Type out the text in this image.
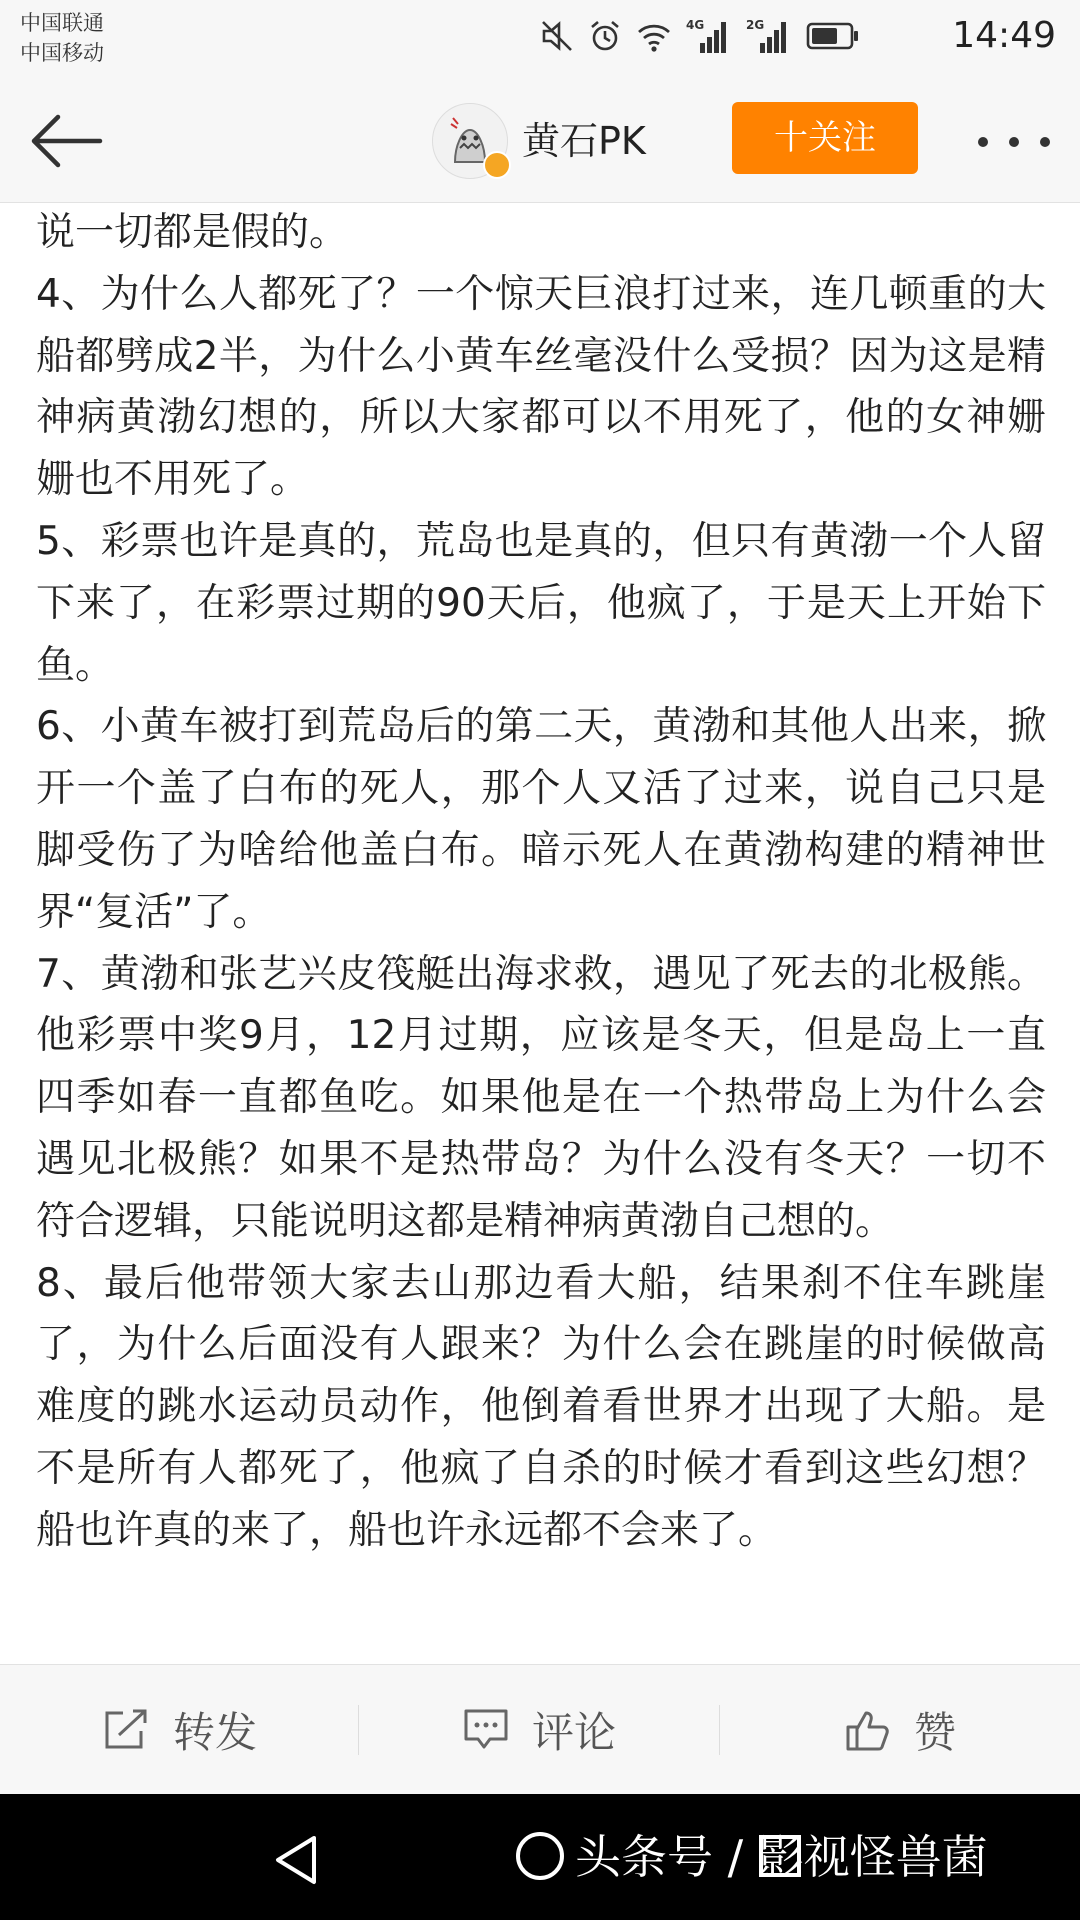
中国联通
中国移动
4G	2G	14:49
黄石PK	十关注

说一切都是假的。

4、为什么人都死了？一个惊天巨浪打过来，连几顿重的大船都劈成2半，为什么小黄车丝毫没什么受损？因为这是精神病黄渤幻想的，所以大家都可以不用死了，他的女神姗姗也不用死了。

5、彩票也许是真的，荒岛也是真的，但只有黄渤一个人留下来了，在彩票过期的90天后，他疯了，于是天上开始下鱼。

6、小黄车被打到荒岛后的第二天，黄渤和其他人出来，掀开一个盖了白布的死人，那个人又活了过来，说自己只是脚受伤了为啥给他盖白布。暗示死人在黄渤构建的精神世界“复活”了。

7、黄渤和张艺兴皮筏艇出海求救，遇见了死去的北极熊。他彩票中奖9月，12月过期，应该是冬天，但是岛上一直四季如春一直都鱼吃。如果他是在一个热带岛上为什么会遇见北极熊？如果不是热带岛？为什么没有冬天？一切不符合逻辑，只能说明这都是精神病黄渤自己想的。

8、最后他带领大家去山那边看大船，结果刹不住车跳崖了，为什么后面没有人跟来？为什么会在跳崖的时候做高难度的跳水运动员动作，他倒着看世界才出现了大船。是不是所有人都死了，他疯了自杀的时候才看到这些幻想？船也许真的来了，船也许永远都不会来了。

转发	评论	赞
头条号 / 影视怪兽菌
